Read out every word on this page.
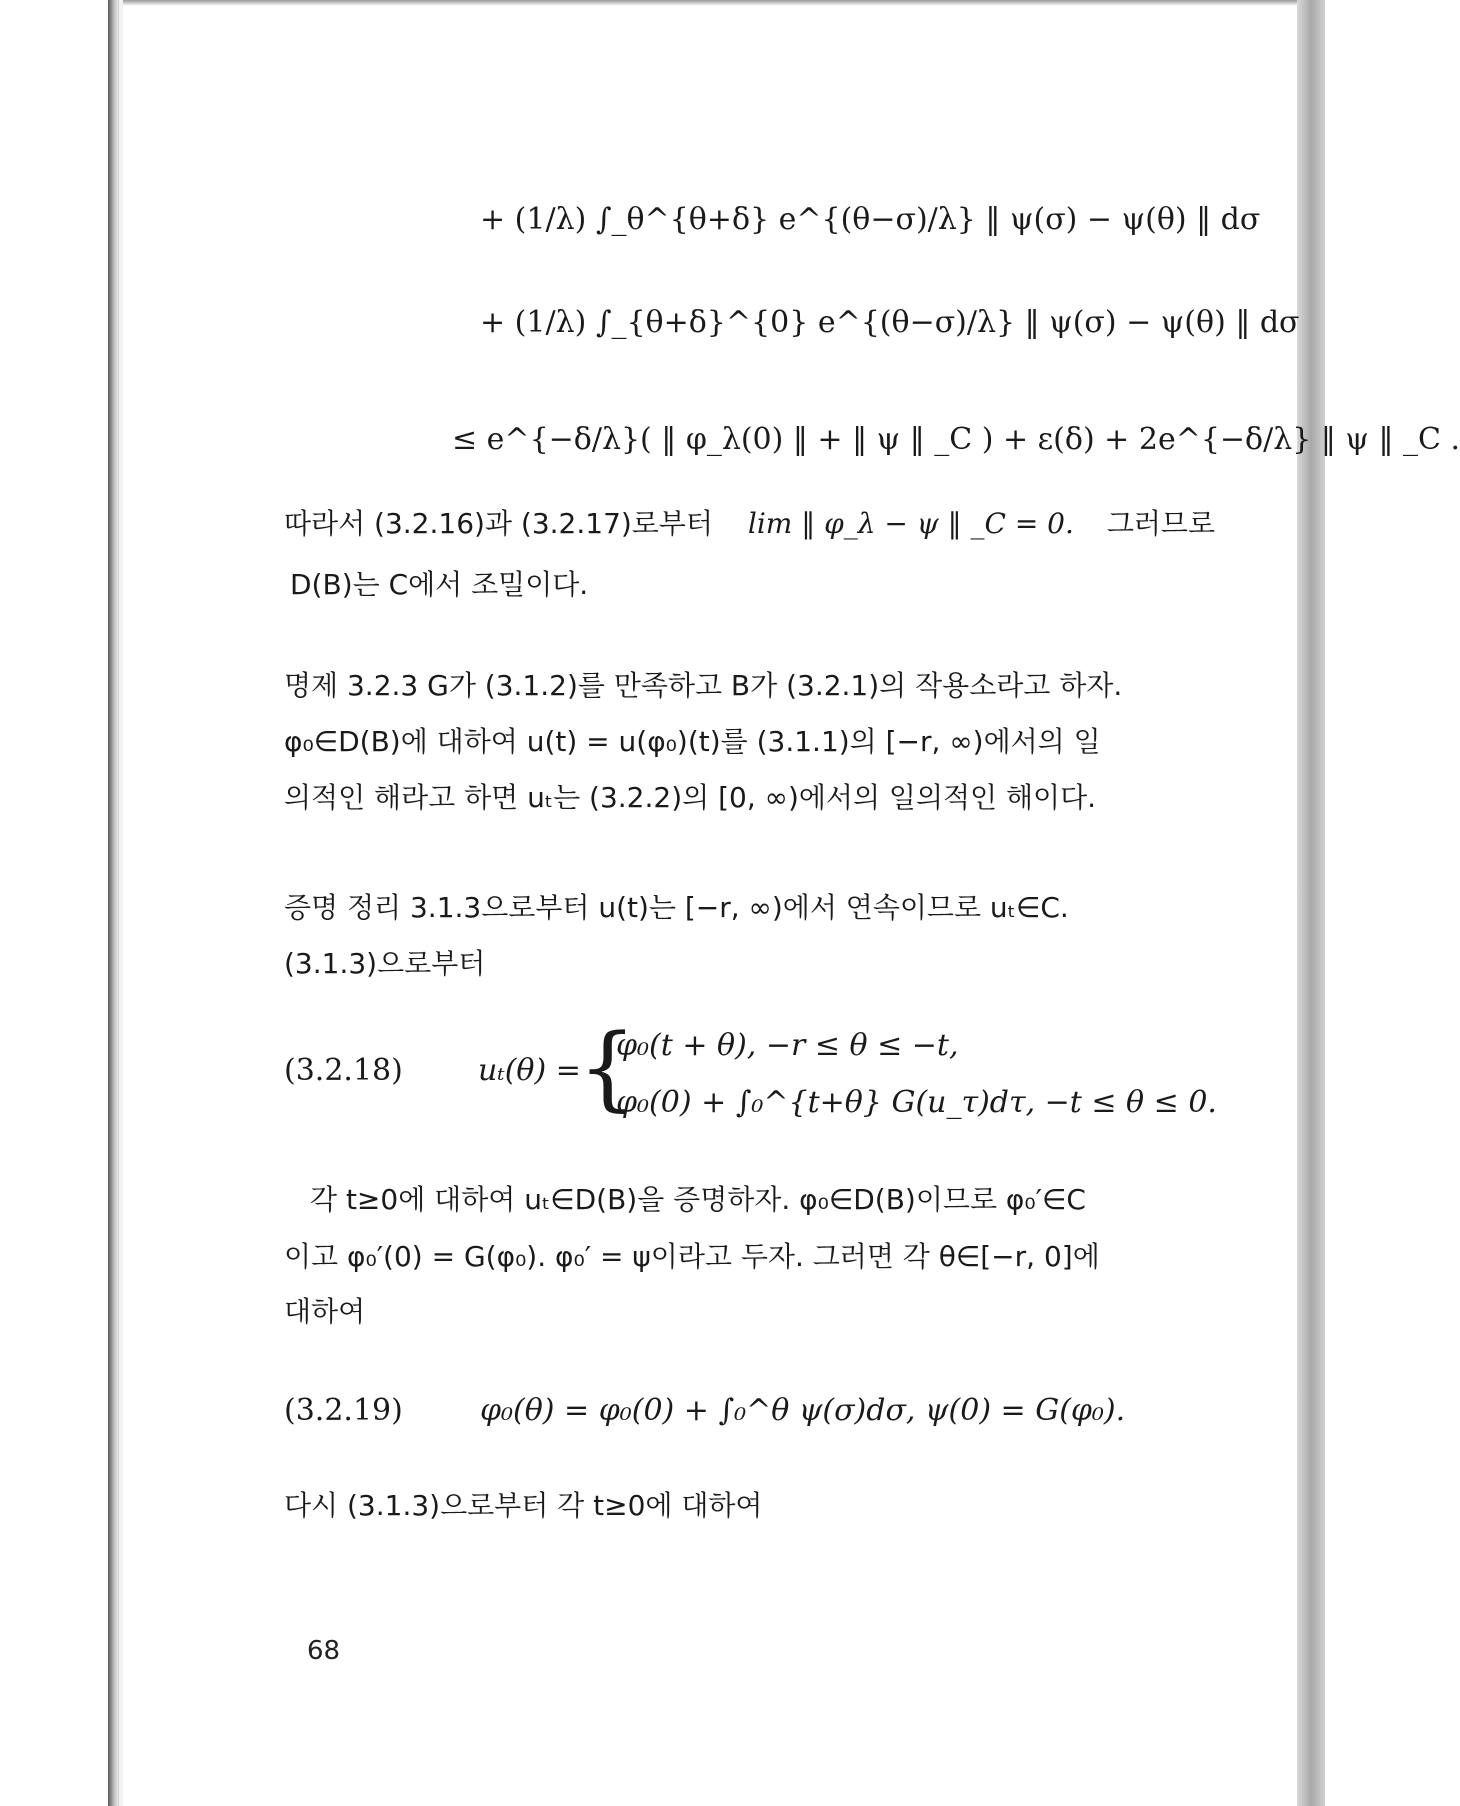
+ (1/λ) ∫_θ^{θ+δ} e^{(θ−σ)/λ} ‖ ψ(σ) − ψ(θ) ‖ dσ
+ (1/λ) ∫_{θ+δ}^{0} e^{(θ−σ)/λ} ‖ ψ(σ) − ψ(θ) ‖ dσ
≤ e^{−δ/λ}( ‖ φ_λ(0) ‖ + ‖ ψ ‖ _C ) + ε(δ) + 2e^{−δ/λ} ‖ ψ ‖ _C .
따라서 (3.2.16)과 (3.2.17)로부터 lim ‖ φ_λ − ψ ‖ _C = 0. 그러므로
D(B)는 C에서 조밀이다.
명제 3.2.3 G가 (3.1.2)를 만족하고 B가 (3.2.1)의 작용소라고 하자.
φ₀∈D(B)에 대하여 u(t) = u(φ₀)(t)를 (3.1.1)의 [−r, ∞)에서의 일
의적인 해라고 하면 uₜ는 (3.2.2)의 [0, ∞)에서의 일의적인 해이다.
증명 정리 3.1.3으로부터 u(t)는 [−r, ∞)에서 연속이므로 uₜ∈C.
(3.1.3)으로부터
(3.2.18)	uₜ(θ) =
{
φ₀(t + θ), −r ≤ θ ≤ −t,
φ₀(0) + ∫₀^{t+θ} G(u_τ)dτ, −t ≤ θ ≤ 0.
각 t≥0에 대하여 uₜ∈D(B)을 증명하자. φ₀∈D(B)이므로 φ₀′∈C
이고 φ₀′(0) = G(φ₀). φ₀′ = ψ이라고 두자. 그러면 각 θ∈[−r, 0]에
대하여
(3.2.19)	φ₀(θ) = φ₀(0) + ∫₀^θ ψ(σ)dσ, ψ(0) = G(φ₀).
다시 (3.1.3)으로부터 각 t≥0에 대하여
68
